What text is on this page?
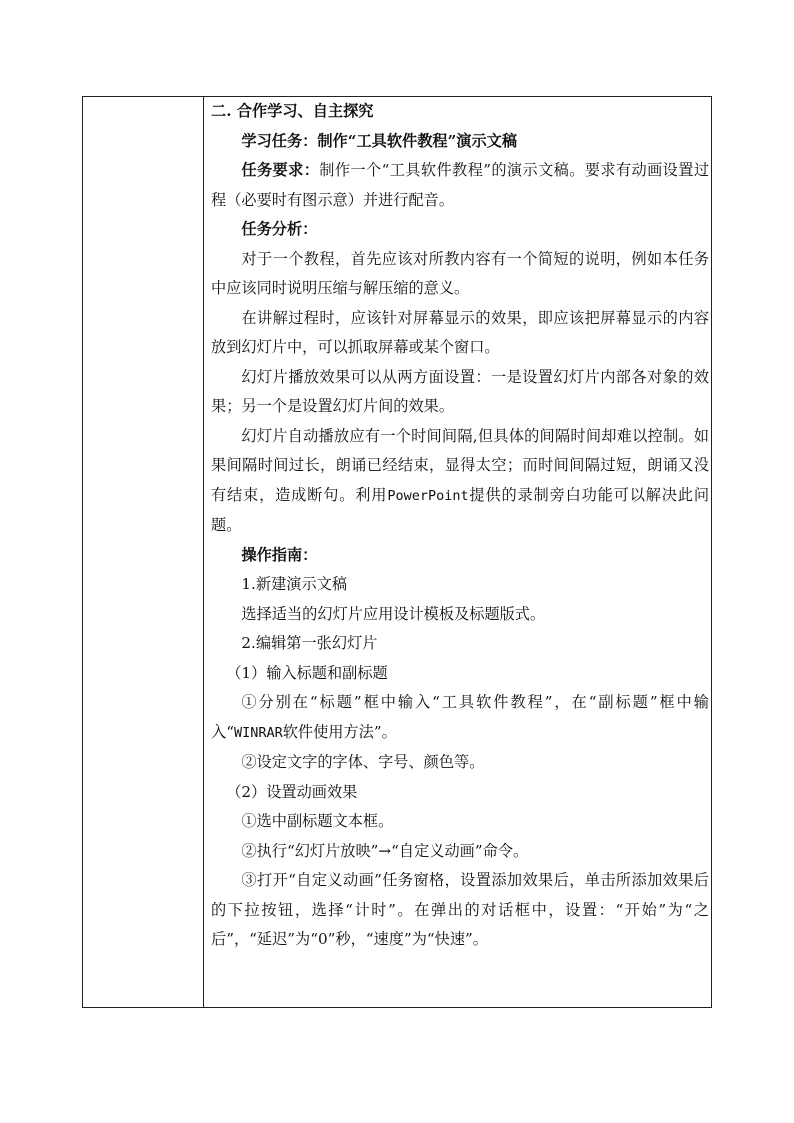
二. 合作学习、自主探究

学习任务：制作“工具软件教程”演示文稿

任务要求：制作一个“工具软件教程”的演示文稿。要求有动画设置过程（必要时有图示意）并进行配音。

任务分析：

对于一个教程，首先应该对所教内容有一个简短的说明，例如本任务中应该同时说明压缩与解压缩的意义。

在讲解过程时，应该针对屏幕显示的效果，即应该把屏幕显示的内容放到幻灯片中，可以抓取屏幕或某个窗口。

幻灯片播放效果可以从两方面设置：一是设置幻灯片内部各对象的效果；另一个是设置幻灯片间的效果。

幻灯片自动播放应有一个时间间隔,但具体的间隔时间却难以控制。如果间隔时间过长，朗诵已经结束，显得太空；而时间间隔过短，朗诵又没有结束，造成断句。利用PowerPoint提供的录制旁白功能可以解决此问题。

操作指南：

1.新建演示文稿

选择适当的幻灯片应用设计模板及标题版式。

2.编辑第一张幻灯片

（1）输入标题和副标题

①分别在“标题”框中输入“工具软件教程”，在“副标题”框中输入“WINRAR软件使用方法”。

②设定文字的字体、字号、颜色等。

（2）设置动画效果

①选中副标题文本框。

②执行“幻灯片放映”→“自定义动画”命令。

③打开“自定义动画”任务窗格，设置添加效果后，单击所添加效果后的下拉按钮，选择“计时”。在弹出的对话框中，设置：“开始”为“之后”，“延迟”为“0”秒，“速度”为“快速”。
